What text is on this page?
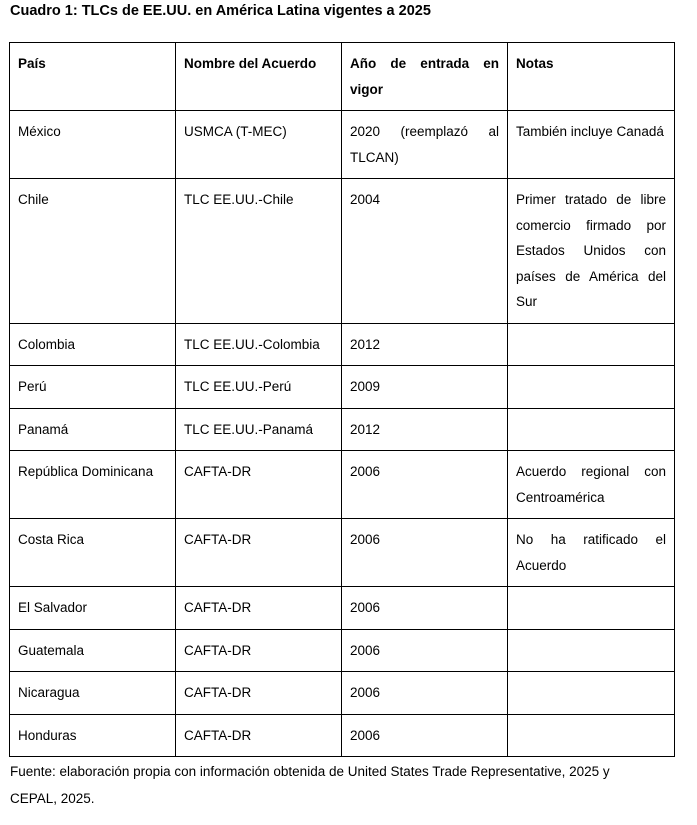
Cuadro 1: TLCs de EE.UU. en América Latina vigentes a 2025
País	Nombre del Acuerdo	Año de entrada en vigor	Notas
México	USMCA (T-MEC)	2020 (reemplazó al TLCAN)	También incluye Canadá
Chile	TLC EE.UU.-Chile	2004	Primer tratado de libre comercio firmado por Estados Unidos con países de América del Sur
Colombia	TLC EE.UU.-Colombia	2012	
Perú	TLC EE.UU.-Perú	2009	
Panamá	TLC EE.UU.-Panamá	2012	
República Dominicana	CAFTA-DR	2006	Acuerdo regional con Centroamérica
Costa Rica	CAFTA-DR	2006	No ha ratificado el Acuerdo
El Salvador	CAFTA-DR	2006	
Guatemala	CAFTA-DR	2006	
Nicaragua	CAFTA-DR	2006	
Honduras	CAFTA-DR	2006	
Fuente: elaboración propia con información obtenida de United States Trade Representative, 2025 y CEPAL, 2025.
